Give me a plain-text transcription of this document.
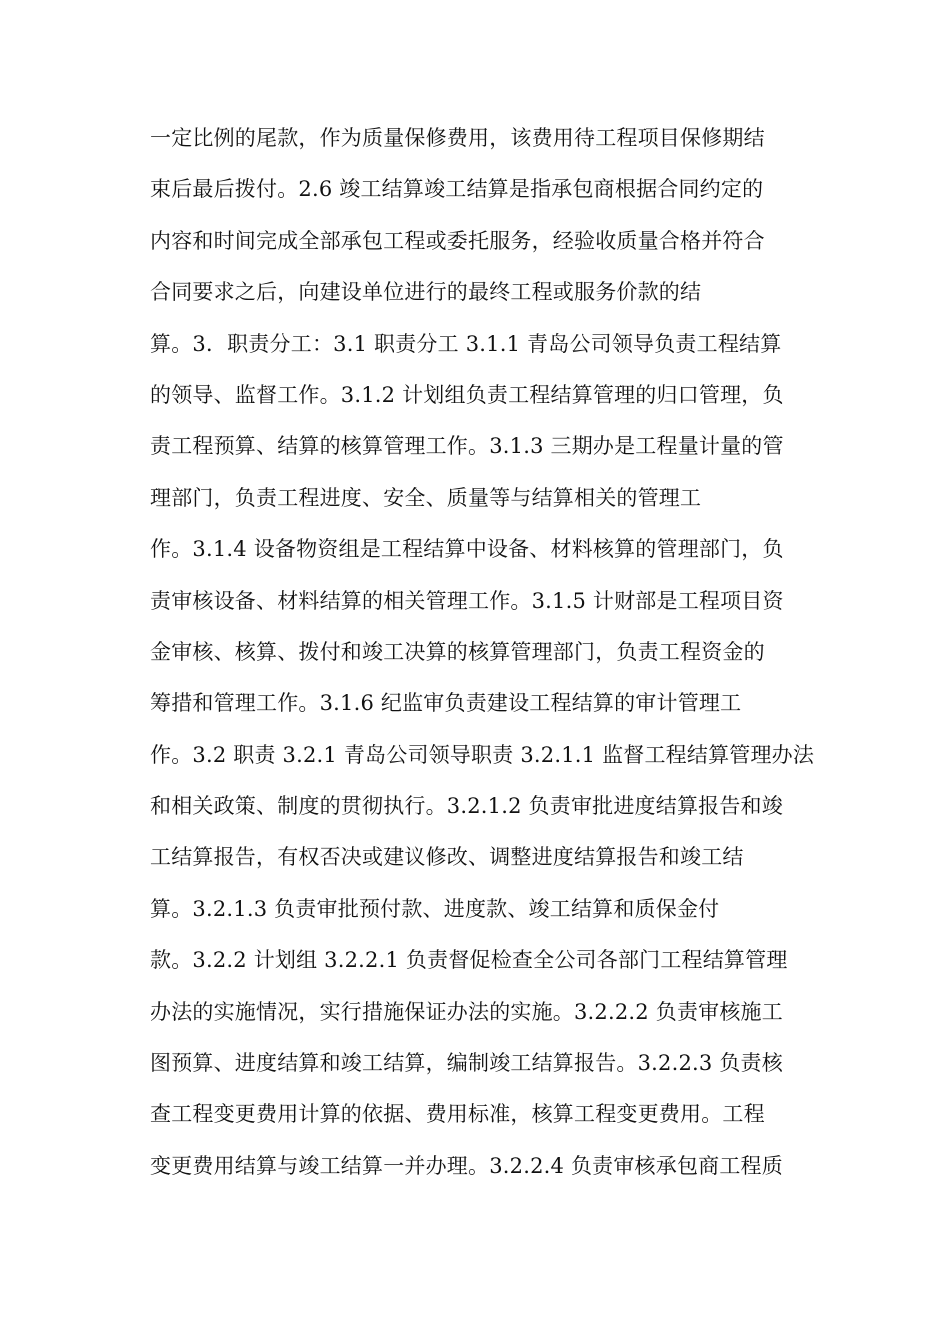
一定比例的尾款，作为质量保修费用，该费用待工程项目保修期结
束后最后拨付。2.6 竣工结算竣工结算是指承包商根据合同约定的
内容和时间完成全部承包工程或委托服务，经验收质量合格并符合
合同要求之后，向建设单位进行的最终工程或服务价款的结
算。3．职责分工：3.1 职责分工 3.1.1 青岛公司领导负责工程结算
的领导、监督工作。3.1.2 计划组负责工程结算管理的归口管理，负
责工程预算、结算的核算管理工作。3.1.3 三期办是工程量计量的管
理部门，负责工程进度、安全、质量等与结算相关的管理工
作。3.1.4 设备物资组是工程结算中设备、材料核算的管理部门，负
责审核设备、材料结算的相关管理工作。3.1.5 计财部是工程项目资
金审核、核算、拨付和竣工决算的核算管理部门，负责工程资金的
筹措和管理工作。3.1.6 纪监审负责建设工程结算的审计管理工
作。3.2 职责 3.2.1 青岛公司领导职责 3.2.1.1 监督工程结算管理办法
和相关政策、制度的贯彻执行。3.2.1.2 负责审批进度结算报告和竣
工结算报告，有权否决或建议修改、调整进度结算报告和竣工结
算。3.2.1.3 负责审批预付款、进度款、竣工结算和质保金付
款。3.2.2 计划组 3.2.2.1 负责督促检查全公司各部门工程结算管理
办法的实施情况，实行措施保证办法的实施。3.2.2.2 负责审核施工
图预算、进度结算和竣工结算，编制竣工结算报告。3.2.2.3 负责核
查工程变更费用计算的依据、费用标准，核算工程变更费用。工程
变更费用结算与竣工结算一并办理。3.2.2.4 负责审核承包商工程质
